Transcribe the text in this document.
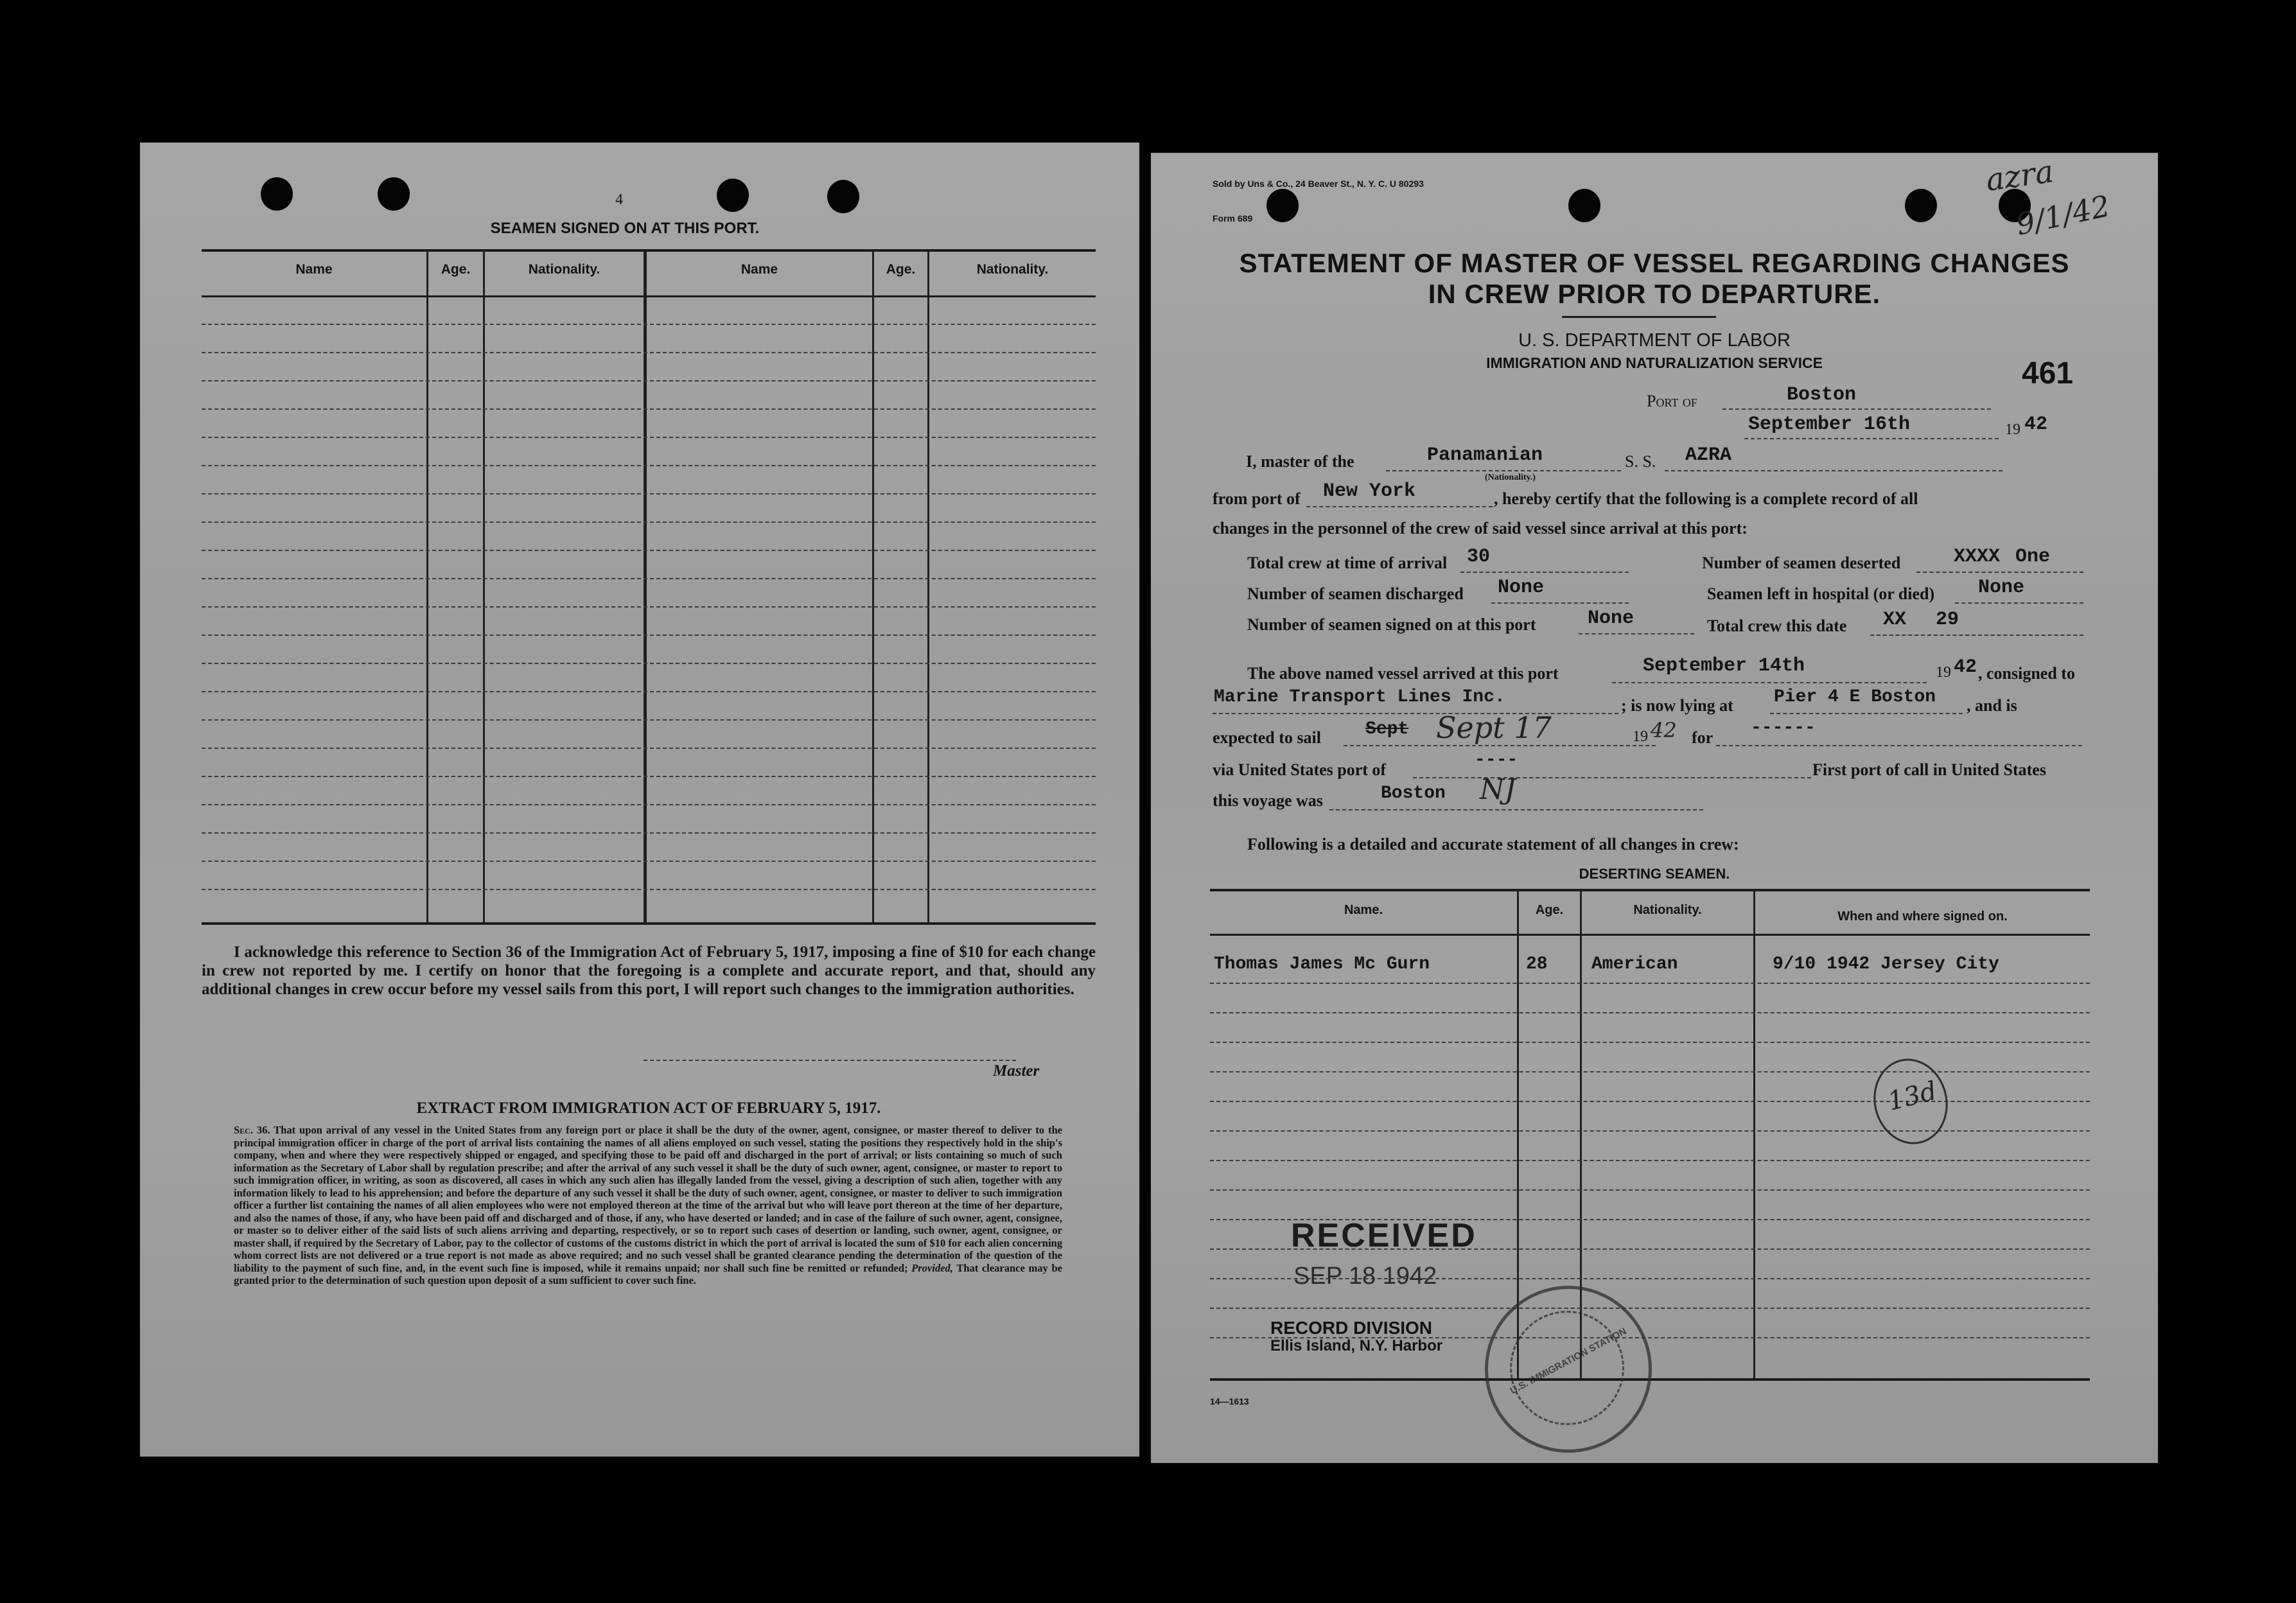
4
SEAMEN SIGNED ON AT THIS PORT.
Name	Age.	Nationality.	Name	Age.	Nationality.
I acknowledge this reference to Section 36 of the Immigration Act of February 5, 1917, imposing a fine of $10 for each change in crew not reported by me. I certify on honor that the foregoing is a complete and accurate report, and that, should any additional changes in crew occur before my vessel sails from this port, I will report such changes to the immigration authorities.
Master
EXTRACT FROM IMMIGRATION ACT OF FEBRUARY 5, 1917.

Sec. 36. That upon arrival of any vessel in the United States from any foreign port or place it shall be the duty of the owner, agent, consignee, or master thereof to deliver to the principal immigration officer in charge of the port of arrival lists containing the names of all aliens employed on such vessel, stating the positions they respectively hold in the ship's company, when and where they were respectively shipped or engaged, and specifying those to be paid off and discharged in the port of arrival; or lists containing so much of such information as the Secretary of Labor shall by regulation prescribe; and after the arrival of any such vessel it shall be the duty of such owner, agent, consignee, or master to report to such immigration officer, in writing, as soon as discovered, all cases in which any such alien has illegally landed from the vessel, giving a description of such alien, together with any information likely to lead to his apprehension; and before the departure of any such vessel it shall be the duty of such owner, agent, consignee, or master to deliver to such immigration officer a further list containing the names of all alien employees who were not employed thereon at the time of the arrival but who will leave port thereon at the time of her departure, and also the names of those, if any, who have been paid off and discharged and of those, if any, who have deserted or landed; and in case of the failure of such owner, agent, consignee, or master so to deliver either of the said lists of such aliens arriving and departing, respectively, or so to report such cases of desertion or landing, such owner, agent, consignee, or master shall, if required by the Secretary of Labor, pay to the collector of customs of the customs district in which the port of arrival is located the sum of $10 for each alien concerning whom correct lists are not delivered or a true report is not made as above required; and no such vessel shall be granted clearance pending the determination of the question of the liability to the payment of such fine, and, in the event such fine is imposed, while it remains unpaid; nor shall such fine be remitted or refunded; Provided, That clearance may be granted prior to the determination of such question upon deposit of a sum sufficient to cover such fine.

Sold by Uns & Co., 24 Beaver St., N. Y. C. U 80293
Form 689
azra
9/1/42
STATEMENT OF MASTER OF VESSEL REGARDING CHANGES
IN CREW PRIOR TO DEPARTURE.
U. S. DEPARTMENT OF LABOR
IMMIGRATION AND NATURALIZATION SERVICE	461
Port of	Boston
September 16th	19 42
I, master of the	Panamanian
(Nationality.)
S. S. AZRA
from port of New York	, hereby certify that the following is a complete record of all
changes in the personnel of the crew of said vessel since arrival at this port:
Total crew at time of arrival 30	Number of seamen deserted	XXXX One
Number of seamen discharged None	Seamen left in hospital (or died) None
Number of seamen signed on at this port	None	Total crew this date XX 29
The above named vessel arrived at this port	September 14th	19 42 , consigned to
Marine Transport Lines Inc.	; is now lying at Pier 4 E Boston , and is
expected to sail Sept Sept 17	19 42 for ------
via United States port of	----	First port of call in United States
this voyage was	Boston NJ
Following is a detailed and accurate statement of all changes in crew:
DESERTING SEAMEN.
Name.	Age.	Nationality.	When and where signed on.
Thomas James Mc Gurn	28 American	9/10 1942 Jersey City
13d
RECEIVED
SEP 18 1942
RECORD DIVISION
Ellis Island, N.Y. Harbor	U.S. IMMIGRATION STATION
14—1613
